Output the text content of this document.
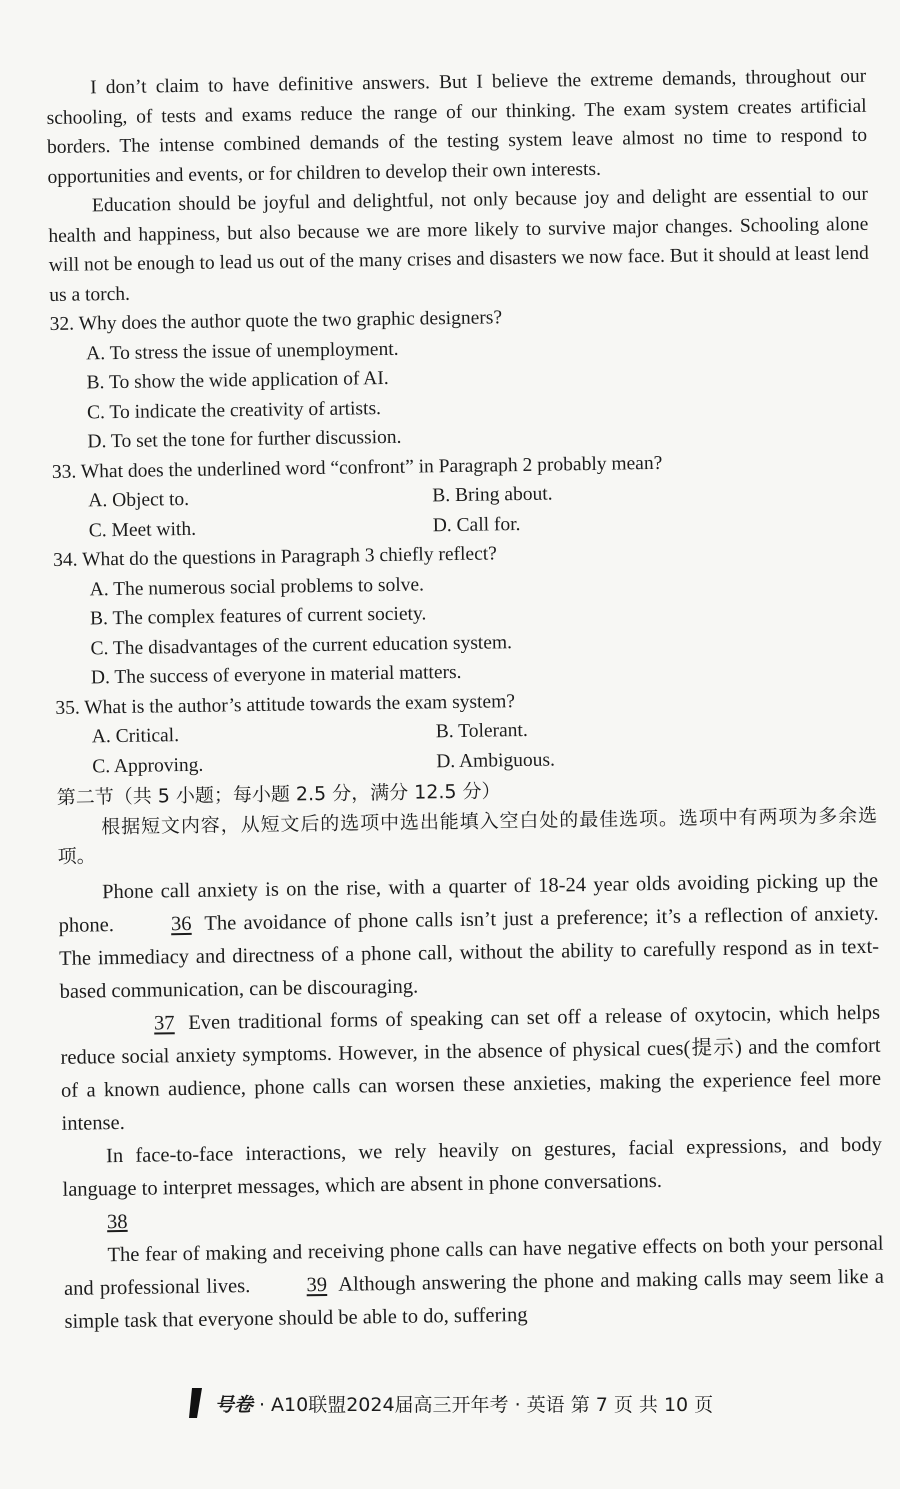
I don’t claim to have definitive answers. But I believe the extreme demands, throughout our schooling, of tests and exams reduce the range of our thinking. The exam system creates artificial borders. The intense combined demands of the testing system leave almost no time to respond to opportunities and events, or for children to develop their own interests.

Education should be joyful and delightful, not only because joy and delight are essential to our health and happiness, but also because we are more likely to survive major changes. Schooling alone will not be enough to lead us out of the many crises and disasters we now face. But it should at least lend us a torch.

32. Why does the author quote the two graphic designers?

A. To stress the issue of unemployment.

B. To show the wide application of AI.

C. To indicate the creativity of artists.

D. To set the tone for further discussion.

33. What does the underlined word “confront” in Paragraph 2 probably mean?

A. Object to.	B. Bring about.
C. Meet with.	D. Call for.

34. What do the questions in Paragraph 3 chiefly reflect?

A. The numerous social problems to solve.

B. The complex features of current society.

C. The disadvantages of the current education system.

D. The success of everyone in material matters.

35. What is the author’s attitude towards the exam system?

A. Critical.	B. Tolerant.
C. Approving.	D. Ambiguous.

第二节（共 5 小题；每小题 2.5 分，满分 12.5 分）

根据短文内容，从短文后的选项中选出能填入空白处的最佳选项。选项中有两项为多余选项。

Phone call anxiety is on the rise, with a quarter of 18-24 year olds avoiding picking up the phone.	36 The avoidance of phone calls isn’t just a preference; it’s a reflection of anxiety. The immediacy and directness of a phone call, without the ability to carefully respond as in text-based communication, can be discouraging.

37 Even traditional forms of speaking can set off a release of oxytocin, which helps reduce social anxiety symptoms. However, in the absence of physical cues(提示) and the comfort of a known audience, phone calls can worsen these anxieties, making the experience feel more intense.

In face-to-face interactions, we rely heavily on gestures, facial expressions, and body language to interpret messages, which are absent in phone conversations.
38

The fear of making and receiving phone calls can have negative effects on both your personal and professional lives.	39 Although answering the phone and making calls may seem like a simple task that everyone should be able to do, suffering

号卷 · A10联盟2024届高三开年考 · 英语 第 7 页 共 10 页
